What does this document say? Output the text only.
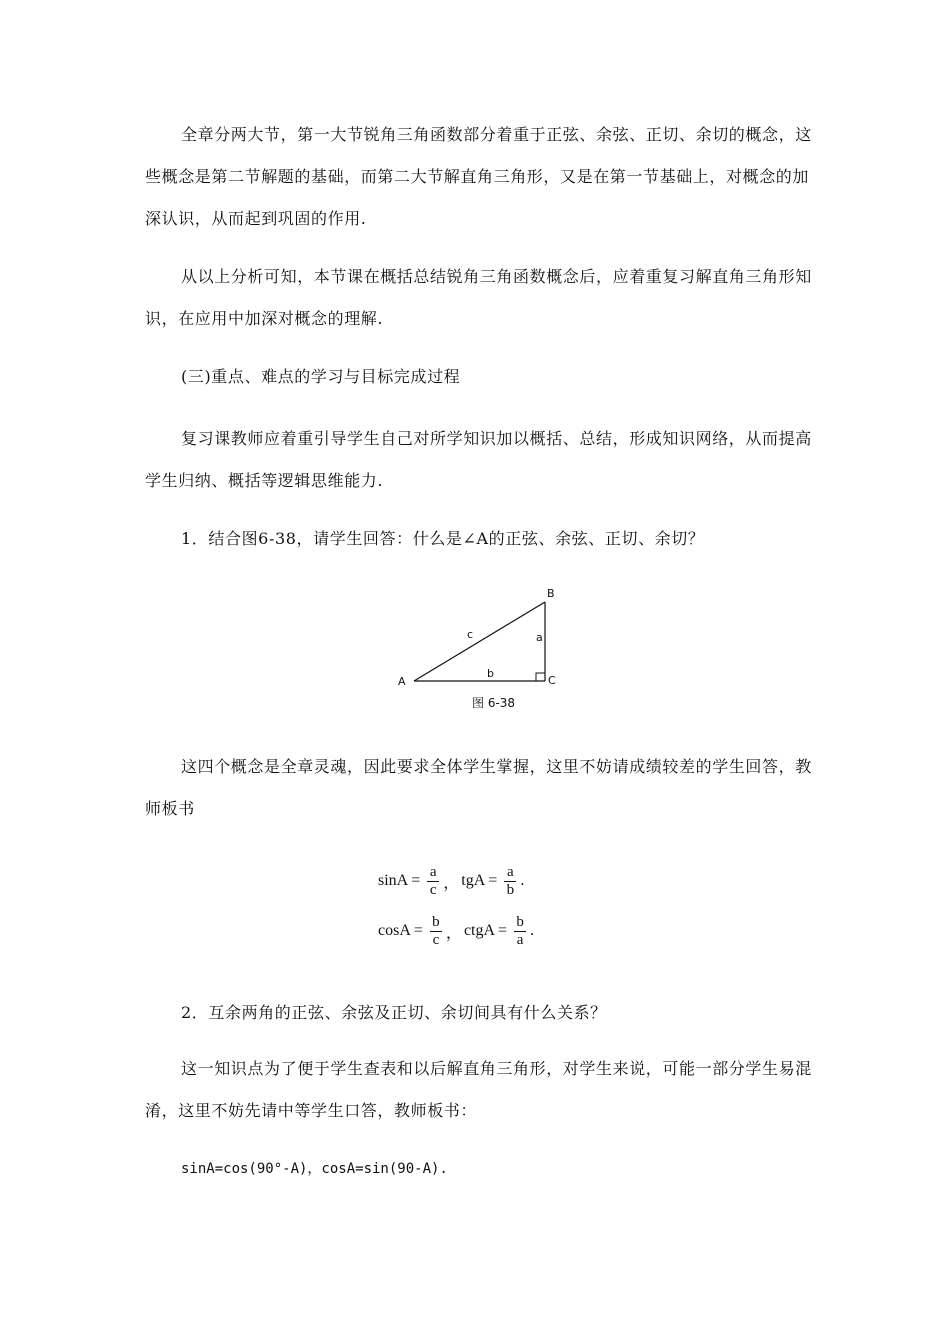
全章分两大节，第一大节锐角三角函数部分着重于正弦、余弦、正切、余切的概念，这些概念是第二节解题的基础，而第二大节解直角三角形，又是在第一节基础上，对概念的加深认识，从而起到巩固的作用.

从以上分析可知，本节课在概括总结锐角三角函数概念后，应着重复习解直角三角形知识，在应用中加深对概念的理解.

(三)重点、难点的学习与目标完成过程

复习课教师应着重引导学生自己对所学知识加以概括、总结，形成知识网络，从而提高学生归纳、概括等逻辑思维能力.

1．结合图6-38，请学生回答：什么是∠A的正弦、余弦、正切、余切？

A
B
C
a
b
c
图 6-38

这四个概念是全章灵魂，因此要求全体学生掌握，这里不妨请成绩较差的学生回答，教师板书

$\sin A = \frac{a}{c}$ ， tgA = $\frac{a}{b}$ .
$\cos A = \frac{b}{c}$ ， ctgA = $\frac{b}{a}$ .

2．互余两角的正弦、余弦及正切、余切间具有什么关系？

这一知识点为了便于学生查表和以后解直角三角形，对学生来说，可能一部分学生易混淆，这里不妨先请中等学生口答，教师板书：

sinA=cos(90°-A)，cosA=sin(90-A).
